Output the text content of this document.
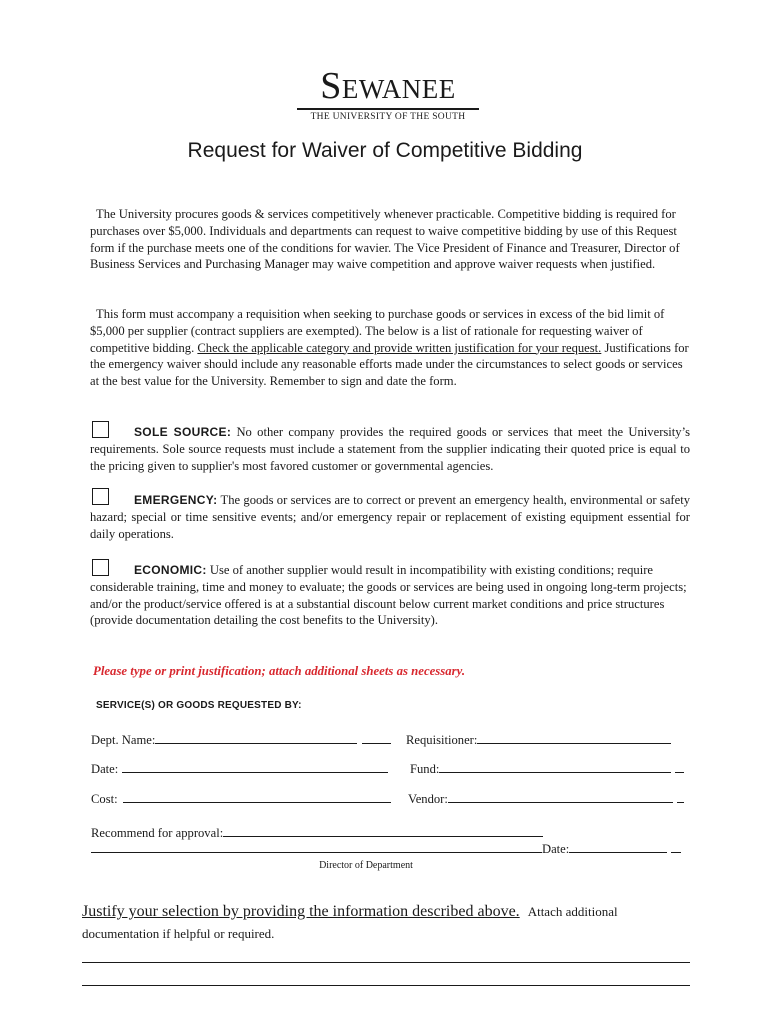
Sewanee
THE UNIVERSITY OF THE SOUTH
Request for Waiver of Competitive Bidding
The University procures goods & services competitively whenever practicable. Competitive bidding is required for purchases over $5,000. Individuals and departments can request to waive competitive bidding by use of this Request form if the purchase meets one of the conditions for wavier. The Vice President of Finance and Treasurer, Director of Business Services and Purchasing Manager may waive competition and approve waiver requests when justified.
This form must accompany a requisition when seeking to purchase goods or services in excess of the bid limit of $5,000 per supplier (contract suppliers are exempted). The below is a list of rationale for requesting waiver of competitive bidding. Check the applicable category and provide written justification for your request. Justifications for the emergency waiver should include any reasonable efforts made under the circumstances to select goods or services at the best value for the University. Remember to sign and date the form.
SOLE SOURCE: No other company provides the required goods or services that meet the University’s requirements. Sole source requests must include a statement from the supplier indicating their quoted price is equal to the pricing given to supplier's most favored customer or governmental agencies.
EMERGENCY: The goods or services are to correct or prevent an emergency health, environmental or safety hazard; special or time sensitive events; and/or emergency repair or replacement of existing equipment essential for daily operations.
ECONOMIC: Use of another supplier would result in incompatibility with existing conditions; require considerable training, time and money to evaluate; the goods or services are being used in ongoing long-term projects; and/or the product/service offered is at a substantial discount below current market conditions and price structures (provide documentation detailing the cost benefits to the University).
Please type or print justification; attach additional sheets as necessary.
SERVICE(S) OR GOODS REQUESTED BY:
Dept. Name:	Requisitioner:
Date:	Fund:
Cost:	Vendor:
Recommend for approval:
Date:
Director of Department
Justify your selection by providing the information described above. Attach additional
documentation if helpful or required.
